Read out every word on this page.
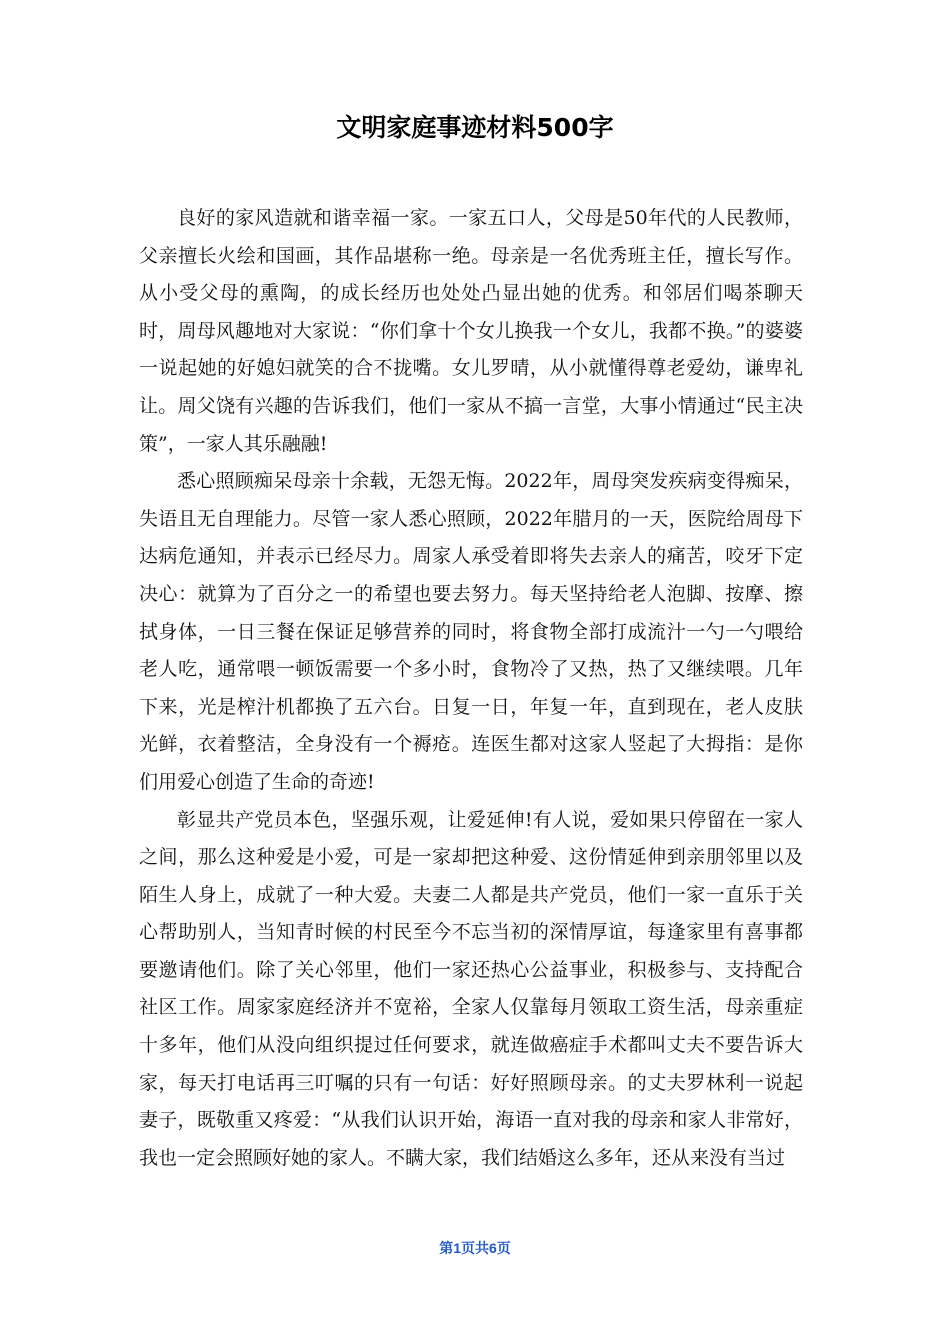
文明家庭事迹材料500字

良好的家风造就和谐幸福一家。一家五口人，父母是50年代的人民教师，父亲擅长火绘和国画，其作品堪称一绝。母亲是一名优秀班主任，擅长写作。从小受父母的熏陶，的成长经历也处处凸显出她的优秀。和邻居们喝茶聊天时，周母风趣地对大家说：“你们拿十个女儿换我一个女儿，我都不换。”的婆婆一说起她的好媳妇就笑的合不拢嘴。女儿罗晴，从小就懂得尊老爱幼，谦卑礼让。周父饶有兴趣的告诉我们，他们一家从不搞一言堂，大事小情通过“民主决策”，一家人其乐融融!

悉心照顾痴呆母亲十余载，无怨无悔。2022年，周母突发疾病变得痴呆，失语且无自理能力。尽管一家人悉心照顾，2022年腊月的一天，医院给周母下达病危通知，并表示已经尽力。周家人承受着即将失去亲人的痛苦，咬牙下定决心：就算为了百分之一的希望也要去努力。每天坚持给老人泡脚、按摩、擦拭身体，一日三餐在保证足够营养的同时，将食物全部打成流汁一勺一勺喂给老人吃，通常喂一顿饭需要一个多小时，食物冷了又热，热了又继续喂。几年下来，光是榨汁机都换了五六台。日复一日，年复一年，直到现在，老人皮肤光鲜，衣着整洁，全身没有一个褥疮。连医生都对这家人竖起了大拇指：是你们用爱心创造了生命的奇迹!

彰显共产党员本色，坚强乐观，让爱延伸!有人说，爱如果只停留在一家人之间，那么这种爱是小爱，可是一家却把这种爱、这份情延伸到亲朋邻里以及陌生人身上，成就了一种大爱。夫妻二人都是共产党员，他们一家一直乐于关心帮助别人，当知青时候的村民至今不忘当初的深情厚谊，每逢家里有喜事都要邀请他们。除了关心邻里，他们一家还热心公益事业，积极参与、支持配合社区工作。周家家庭经济并不宽裕，全家人仅靠每月领取工资生活，母亲重症十多年，他们从没向组织提过任何要求，就连做癌症手术都叫丈夫不要告诉大家，每天打电话再三叮嘱的只有一句话：好好照顾母亲。的丈夫罗林利一说起妻子，既敬重又疼爱：“从我们认识开始，海语一直对我的母亲和家人非常好，我也一定会照顾好她的家人。不瞒大家，我们结婚这么多年，还从来没有当过

第1页共6页
